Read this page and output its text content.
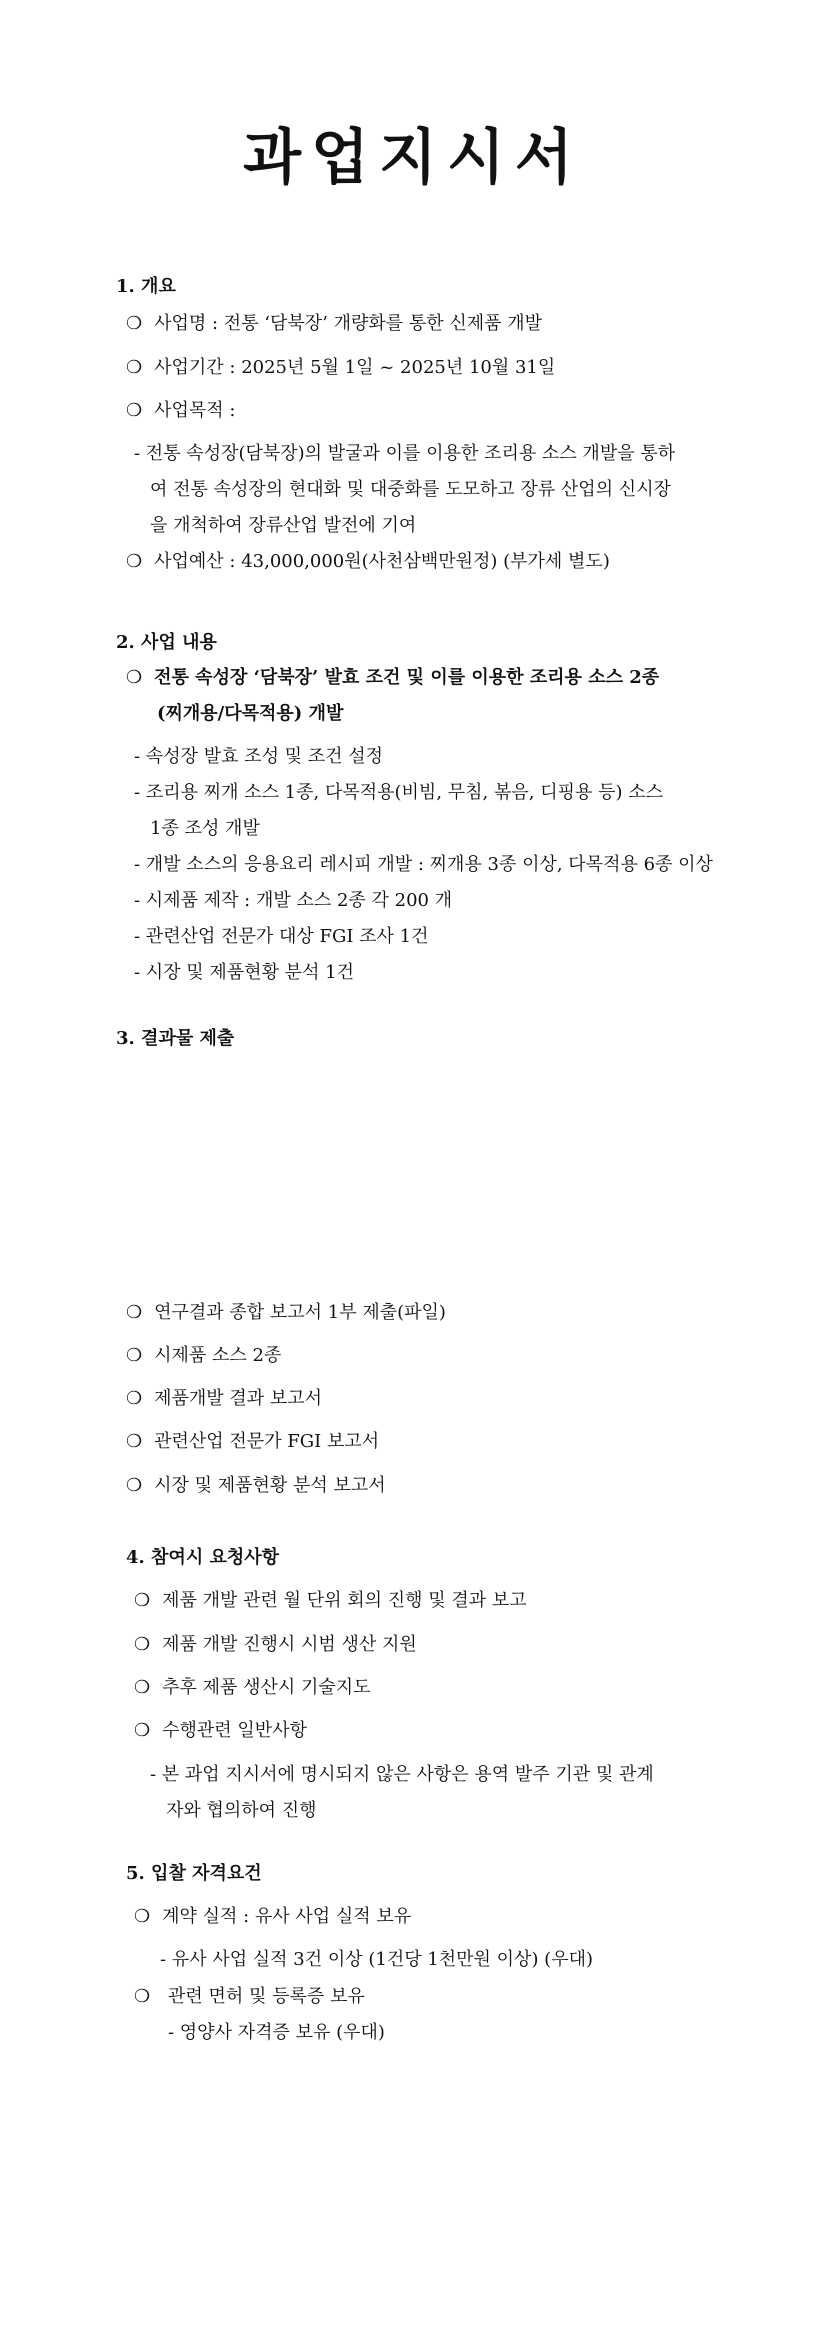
과업지시서
1. 개요
❍ 사업명 : 전통 ‘담북장’ 개량화를 통한 신제품 개발
❍ 사업기간 : 2025년 5월 1일 ~ 2025년 10월 31일
❍ 사업목적 :
- 전통 속성장(담북장)의 발굴과 이를 이용한 조리용 소스 개발을 통하
여 전통 속성장의 현대화 및 대중화를 도모하고 장류 산업의 신시장
을 개척하여 장류산업 발전에 기여
❍ 사업예산 : 43,000,000원(사천삼백만원정) (부가세 별도)
2. 사업 내용
❍ 전통 속성장 ‘담북장’ 발효 조건 및 이를 이용한 조리용 소스 2종
(찌개용/다목적용) 개발
- 속성장 발효 조성 및 조건 설정
- 조리용 찌개 소스 1종, 다목적용(비빔, 무침, 볶음, 디핑용 등) 소스
1종 조성 개발
- 개발 소스의 응용요리 레시피 개발 : 찌개용 3종 이상, 다목적용 6종 이상
- 시제품 제작 : 개발 소스 2종 각 200 개
- 관련산업 전문가 대상 FGI 조사 1건
- 시장 및 제품현황 분석 1건
3. 결과물 제출
❍ 연구결과 종합 보고서 1부 제출(파일)
❍ 시제품 소스 2종
❍ 제품개발 결과 보고서
❍ 관련산업 전문가 FGI 보고서
❍ 시장 및 제품현황 분석 보고서
4. 참여시 요청사항
❍ 제품 개발 관련 월 단위 회의 진행 및 결과 보고
❍ 제품 개발 진행시 시범 생산 지원
❍ 추후 제품 생산시 기술지도
❍ 수행관련 일반사항
- 본 과업 지시서에 명시되지 않은 사항은 용역 발주 기관 및 관계
자와 협의하여 진행
5. 입찰 자격요건
❍ 계약 실적 : 유사 사업 실적 보유
- 유사 사업 실적 3건 이상 (1건당 1천만원 이상) (우대)
❍ 관련 면허 및 등록증 보유
- 영양사 자격증 보유 (우대)
